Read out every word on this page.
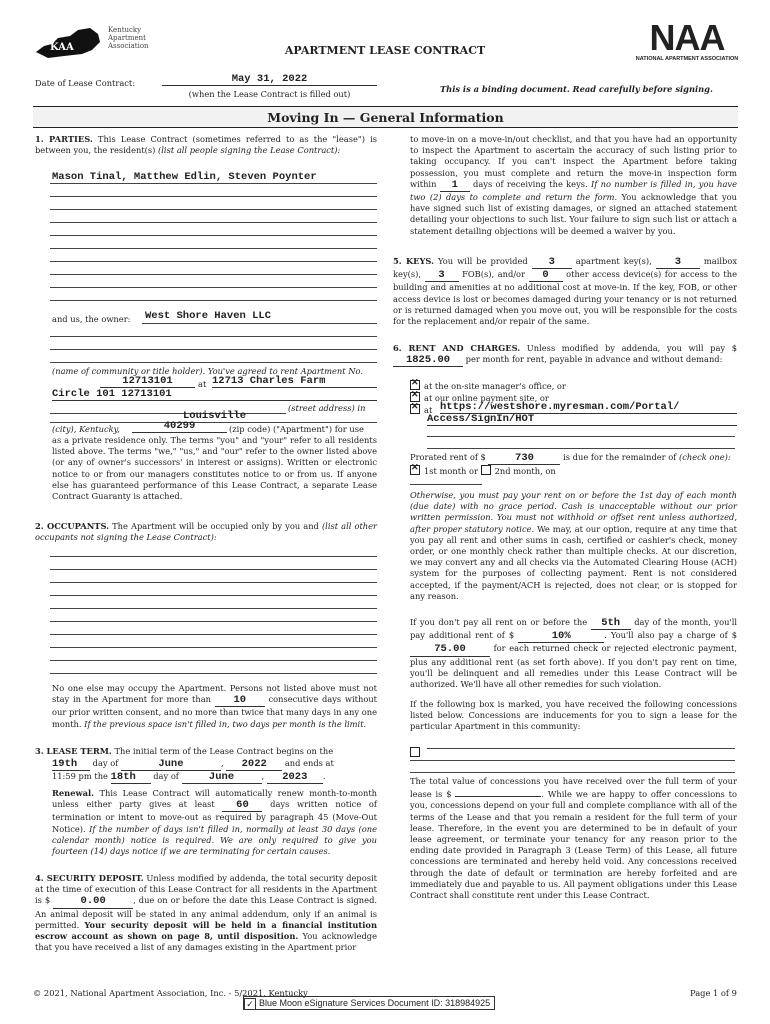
KAA
Kentucky Apartment Association	NAA
NATIONAL APARTMENT ASSOCIATION
APARTMENT LEASE CONTRACT
Date of Lease Contract:	May 31, 2022
(when the Lease Contract is filled out)	This is a binding document. Read carefully before signing.
Moving In — General Information
1. PARTIES. This Lease Contract (sometimes referred to as the "lease") is between you, the resident(s) (list all people signing the Lease Contract):
Mason Tinal, Matthew Edlin, Steven Poynter
and us, the owner: West Shore Haven LLC
(name of community or title holder). You've agreed to rent Apartment No.
12713101	at 12713 Charles Farm
Circle 101 12713101
(street address) in
Louisville
(city), Kentucky,	40299	(zip code) ("Apartment") for use
as a private residence only. The terms "you" and "your" refer to all residents listed above. The terms "we," "us," and "our" refer to the owner listed above (or any of owner's successors' in interest or assigns). Written or electronic notice to or from our managers constitutes notice to or from us. If anyone else has guaranteed performance of this Lease Contract, a separate Lease Contract Guaranty is attached.
2. OCCUPANTS. The Apartment will be occupied only by you and (list all other occupants not signing the Lease Contract):
No one else may occupy the Apartment. Persons not listed above must not stay in the Apartment for more than 10	consecutive days without our prior written consent, and no more than twice that many days in any one month. If the previous space isn't filled in, two days per month is the limit.
3. LEASE TERM. The initial term of the Lease Contract begins on the
19th day of	June	, 2022 and ends at
11:59 pm the 18th day of	June	, 2023 .
Renewal. This Lease Contract will automatically renew month-to-month unless either party gives at least 60	days written notice of termination or intent to move-out as required by paragraph 45 (Move-Out Notice). If the number of days isn't filled in, normally at least 30 days (one calendar month) notice is required. We are only required to give you fourteen (14) days notice if we are terminating for certain causes.
4. SECURITY DEPOSIT. Unless modified by addenda, the total security deposit at the time of execution of this Lease Contract for all residents in the Apartment is $	0.00	, due on or before the date this Lease Contract is signed. An animal deposit will be stated in any animal addendum, only if an animal is permitted. Your security deposit will be held in a financial institution escrow account as shown on page 8, until disposition. You acknowledge that you have received a list of any damages existing in the Apartment prior
to move-in on a move-in/out checklist, and that you have had an opportunity to inspect the Apartment to ascertain the accuracy of such listing prior to taking occupancy. If you can't inspect the Apartment before taking possession, you must complete and return the move-in inspection form within 1 days of receiving the keys. If no number is filled in, you have two (2) days to complete and return the form. You acknowledge that you have signed such list of existing damages, or signed an attached statement detailing your objections to such list. Your failure to sign such list or attach a statement detailing objections will be deemed a waiver by you.
5. KEYS. You will be provided 3	apartment key(s), 3	mailbox key(s), 3 FOB(s), and/or 0 other access device(s) for access to the building and amenities at no additional cost at move-in. If the key, FOB, or other access device is lost or becomes damaged during your tenancy or is not returned or is returned damaged when you move out, you will be responsible for the costs for the replacement and/or repair of the same.
6. RENT AND CHARGES. Unless modified by addenda, you will pay $ 1825.00 per month for rent, payable in advance and without demand:
✕at the on-site manager's office, or
✕at our online payment site, or
✕at https://westshore.myresman.com/Portal/
Access/SignIn/HOT
Prorated rent of $	730	is due for the remainder of (check one): ✕1st month or 2nd month, on
Otherwise, you must pay your rent on or before the 1st day of each month (due date) with no grace period. Cash is unacceptable without our prior written permission. You must not withhold or offset rent unless authorized, after proper statutory notice. We may, at our option, require at any time that you pay all rent and other sums in cash, certified or cashier's check, money order, or one monthly check rather than multiple checks. At our discretion, we may convert any and all checks via the Automated Clearing House (ACH) system for the purposes of collecting payment. Rent is not considered accepted, if the payment/ACH is rejected, does not clear, or is stopped for any reason.
If you don't pay all rent on or before the 5th day of the month, you'll pay additional rent of $	10%	. You'll also pay a charge of $ 75.00	for each returned check or rejected electronic payment, plus any additional rent (as set forth above). If you don't pay rent on time, you'll be delinquent and all remedies under this Lease Contract will be authorized. We'll have all other remedies for such violation.
If the following box is marked, you have received the following concessions listed below. Concessions are inducements for you to sign a lease for the particular Apartment in this community:
The total value of concessions you have received over the full term of your lease is $	. While we are happy to offer concessions to you, concessions depend on your full and complete compliance with all of the terms of the Lease and that you remain a resident for the full term of your lease. Therefore, in the event you are determined to be in default of your lease agreement, or terminate your tenancy for any reason prior to the ending date provided in Paragraph 3 (Lease Term) of this Lease, all future concessions are terminated and hereby held void. Any concessions received through the date of default or termination are hereby forfeited and are immediately due and payable to us. All payment obligations under this Lease Contract shall constitute rent under this Lease Contract.
© 2021, National Apartment Association, Inc. - 5/2021, Kentucky	Page 1 of 9
✓ Blue Moon eSignature Services Document ID: 318984925
